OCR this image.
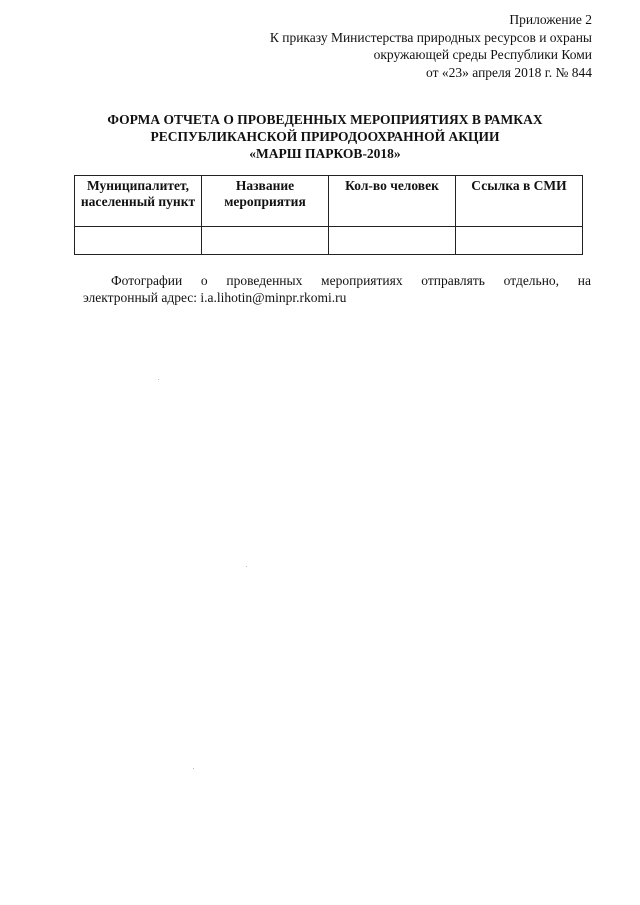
Приложение 2
К приказу Министерства природных ресурсов и охраны
окружающей среды Республики Коми
от «23» апреля 2018 г. № 844
ФОРМА ОТЧЕТА О ПРОВЕДЕННЫХ МЕРОПРИЯТИЯХ В РАМКАХ
РЕСПУБЛИКАНСКОЙ ПРИРОДООХРАННОЙ АКЦИИ
«МАРШ ПАРКОВ-2018»
Муниципалитет, населенный пункт	Название мероприятия	Кол-во человек	Ссылка в СМИ

Фотографии о проведенных мероприятиях отправлять отдельно, на
электронный адрес: i.a.lihotin@minpr.rkomi.ru
